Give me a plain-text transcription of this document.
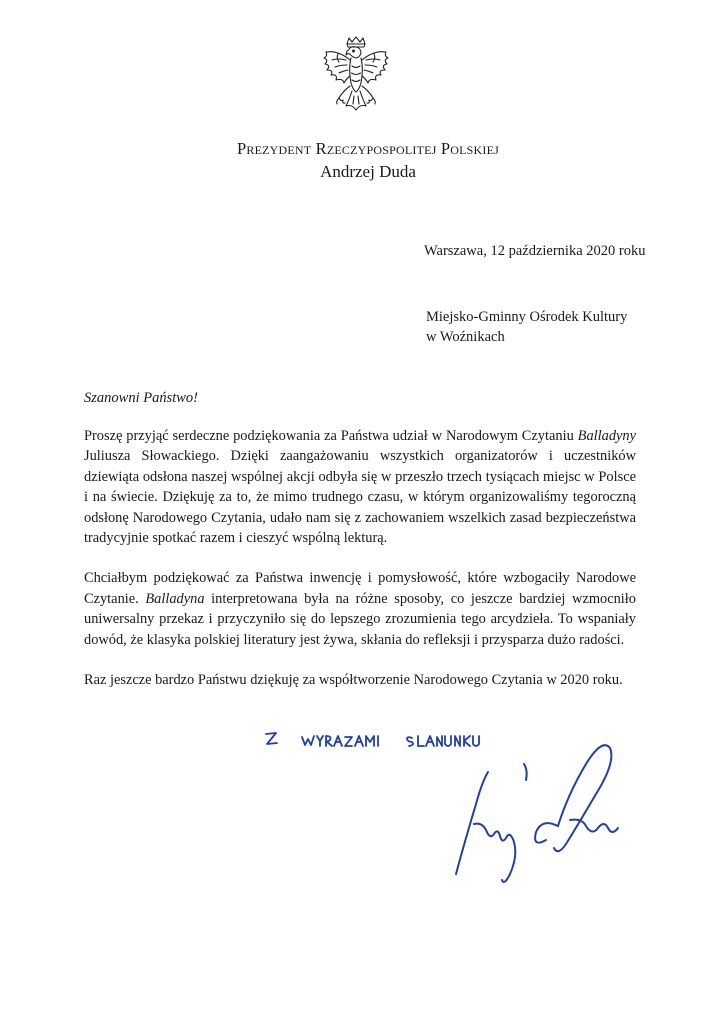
Prezydent Rzeczypospolitej Polskiej
Andrzej Duda
Warszawa, 12 października 2020 roku
Miejsko-Gminny Ośrodek Kultury
w Woźnikach
Szanowni Państwo!

Proszę przyjąć serdeczne podziękowania za Państwa udział w Narodowym Czytaniu Balladyny Juliusza Słowackiego. Dzięki zaangażowaniu wszystkich organizatorów i uczestników dziewiąta odsłona naszej wspólnej akcji odbyła się w przeszło trzech tysiącach miejsc w Polsce i na świecie. Dziękuję za to, że mimo trudnego czasu, w którym organizowaliśmy tegoroczną odsłonę Narodowego Czytania, udało nam się z zachowaniem wszelkich zasad bezpieczeństwa tradycyjnie spotkać razem i cieszyć wspólną lekturą.

Chciałbym podziękować za Państwa inwencję i pomysłowość, które wzbogaciły Narodowe Czytanie. Balladyna interpretowana była na różne sposoby, co jeszcze bardziej wzmocniło uniwersalny przekaz i przyczyniło się do lepszego zrozumienia tego arcydzieła. To wspaniały dowód, że klasyka polskiej literatury jest żywa, skłania do refleksji i przysparza dużo radości.

Raz jeszcze bardzo Państwu dziękuję za współtworzenie Narodowego Czytania w 2020 roku.
